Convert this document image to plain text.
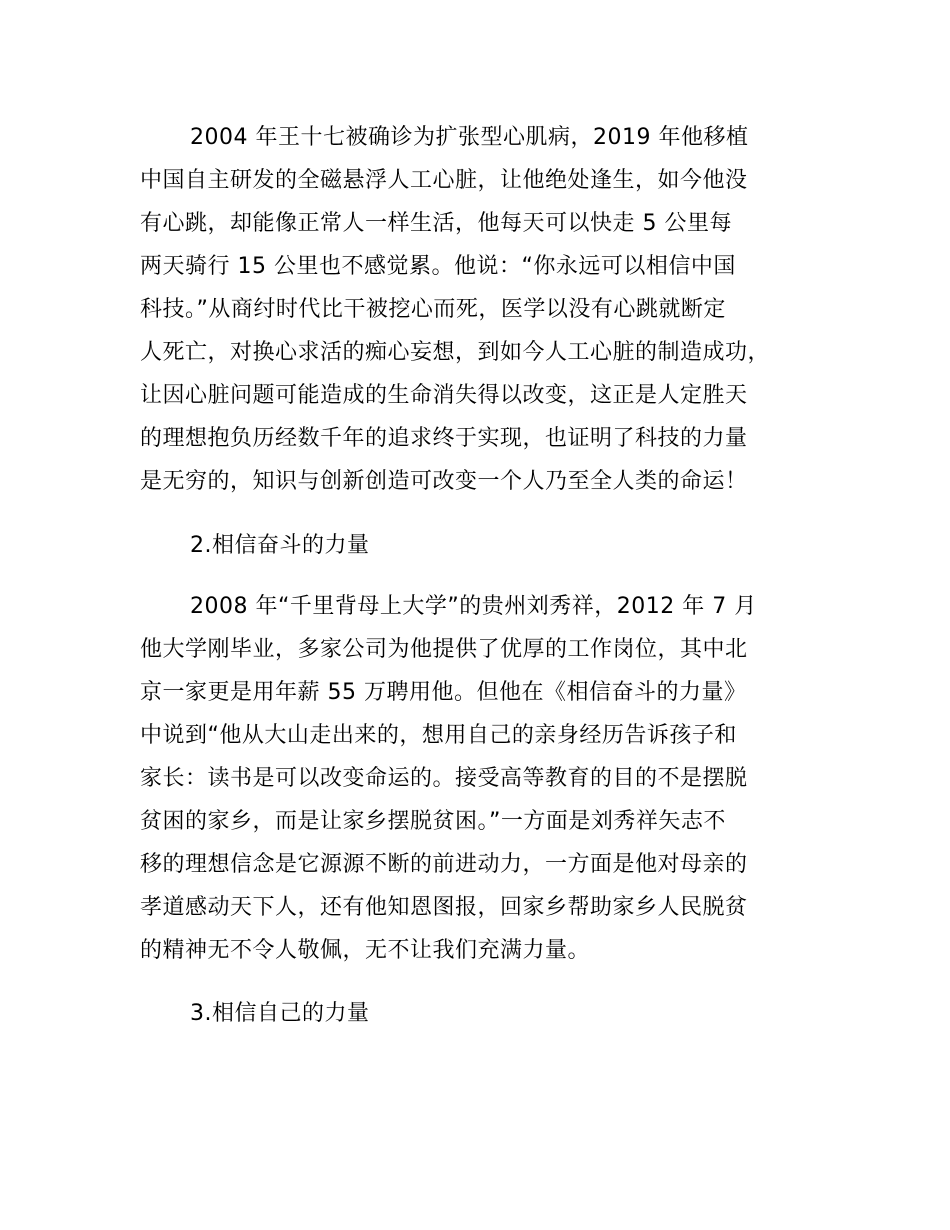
2004 年王十七被确诊为扩张型心肌病，2019 年他移植
中国自主研发的全磁悬浮人工心脏，让他绝处逢生，如今他没
有心跳，却能像正常人一样生活，他每天可以快走 5 公里每
两天骑行 15 公里也不感觉累。他说：“你永远可以相信中国
科技。”从商纣时代比干被挖心而死，医学以没有心跳就断定
人死亡，对换心求活的痴心妄想，到如今人工心脏的制造成功，
让因心脏问题可能造成的生命消失得以改变，这正是人定胜天
的理想抱负历经数千年的追求终于实现，也证明了科技的力量
是无穷的，知识与创新创造可改变一个人乃至全人类的命运！
2.相信奋斗的力量
2008 年“千里背母上大学”的贵州刘秀祥，2012 年 7 月
他大学刚毕业，多家公司为他提供了优厚的工作岗位，其中北
京一家更是用年薪 55 万聘用他。但他在《相信奋斗的力量》
中说到“他从大山走出来的，想用自己的亲身经历告诉孩子和
家长：读书是可以改变命运的。接受高等教育的目的不是摆脱
贫困的家乡，而是让家乡摆脱贫困。”一方面是刘秀祥矢志不
移的理想信念是它源源不断的前进动力，一方面是他对母亲的
孝道感动天下人，还有他知恩图报，回家乡帮助家乡人民脱贫
的精神无不令人敬佩，无不让我们充满力量。
3.相信自己的力量
